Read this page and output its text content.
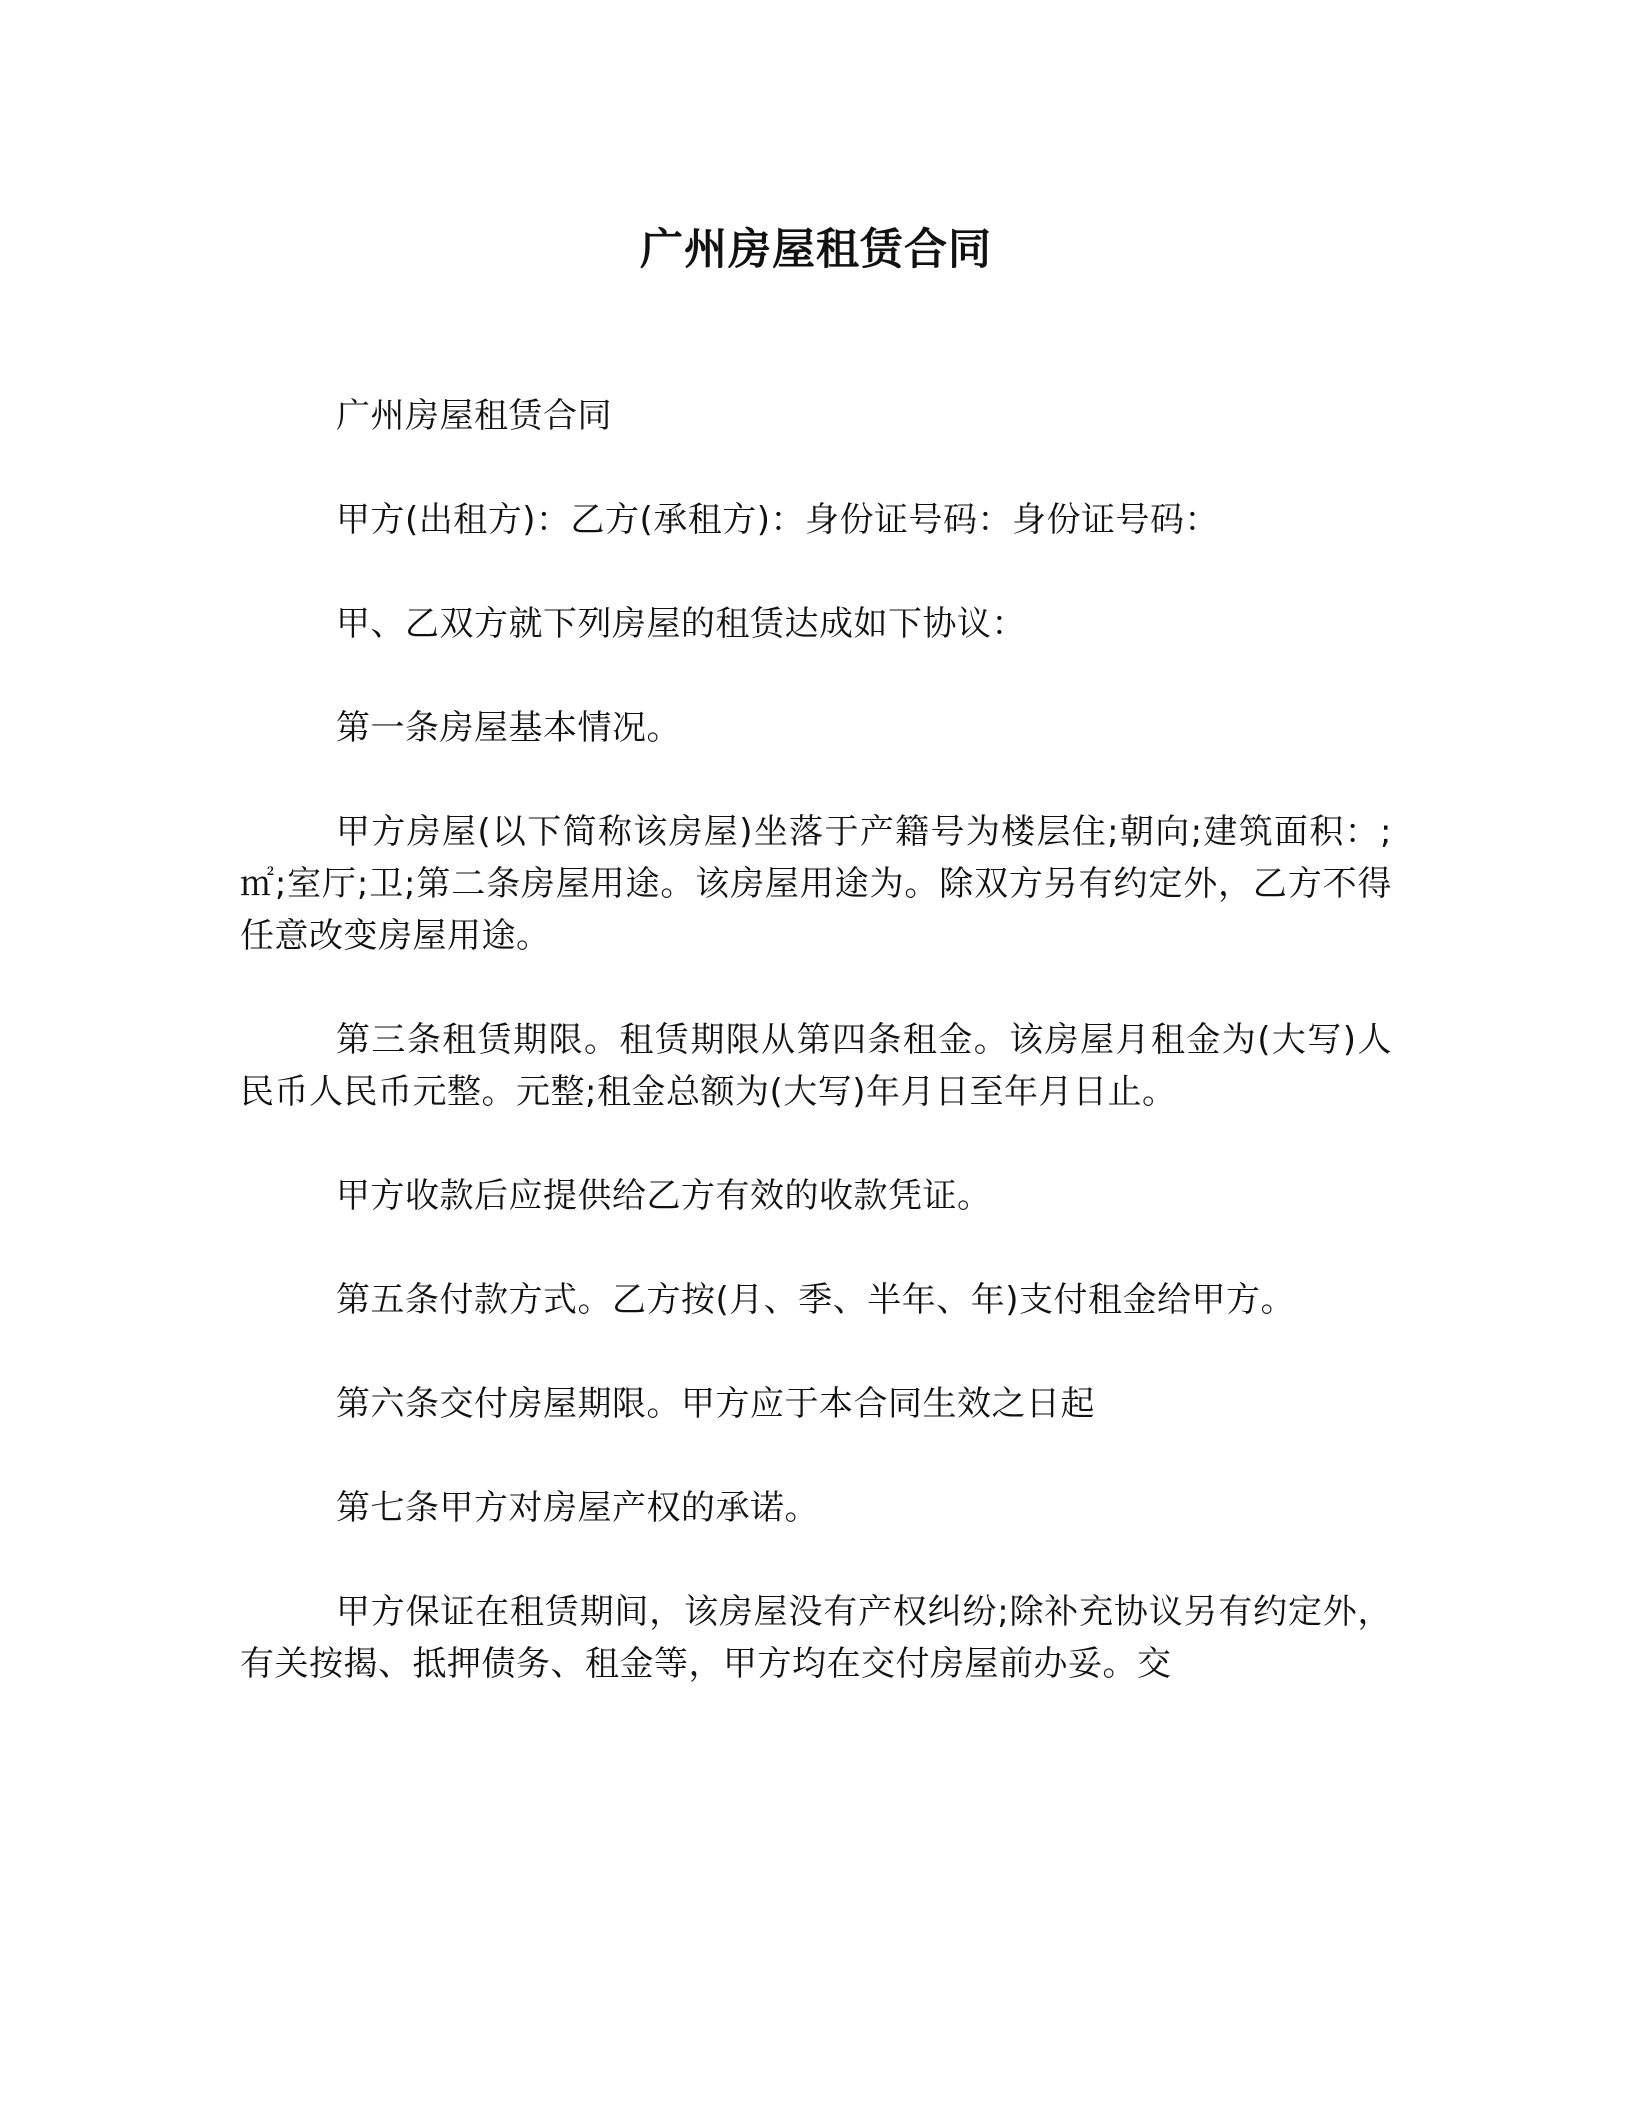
广州房屋租赁合同

广州房屋租赁合同

甲方(出租方)：乙方(承租方)：身份证号码：身份证号码：

甲、乙双方就下列房屋的租赁达成如下协议：

第一条房屋基本情况。

甲方房屋(以下简称该房屋)坐落于产籍号为楼层住;朝向;建筑面积：;㎡;室厅;卫;第二条房屋用途。该房屋用途为。除双方另有约定外，乙方不得任意改变房屋用途。

第三条租赁期限。租赁期限从第四条租金。该房屋月租金为(大写)人民币人民币元整。元整;租金总额为(大写)年月日至年月日止。

甲方收款后应提供给乙方有效的收款凭证。

第五条付款方式。乙方按(月、季、半年、年)支付租金给甲方。

第六条交付房屋期限。甲方应于本合同生效之日起

第七条甲方对房屋产权的承诺。

甲方保证在租赁期间，该房屋没有产权纠纷;除补充协议另有约定外，有关按揭、抵押债务、租金等，甲方均在交付房屋前办妥。交
